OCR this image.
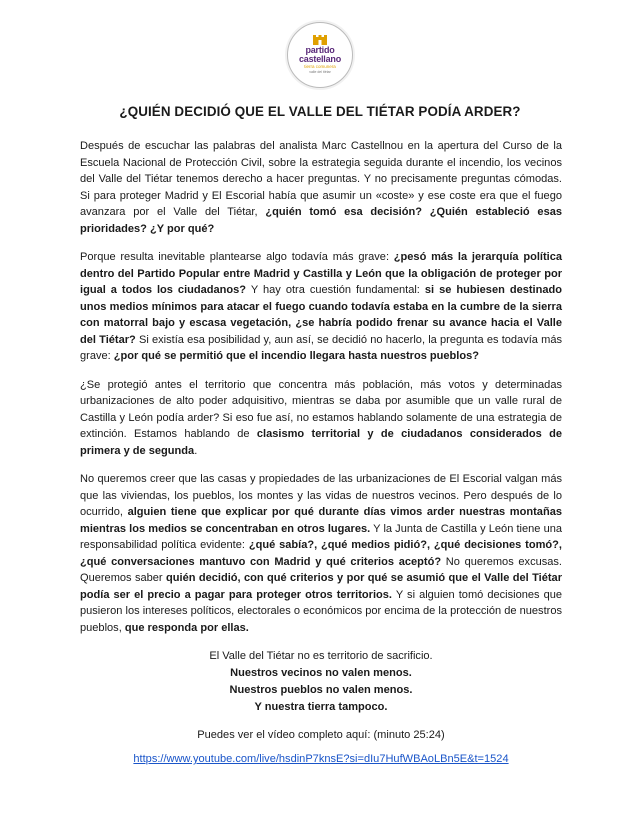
partido
castellano
tierra comunera
valle del tiétar
¿QUIÉN DECIDIÓ QUE EL VALLE DEL TIÉTAR PODÍA ARDER?

Después de escuchar las palabras del analista Marc Castellnou en la apertura del Curso de la Escuela Nacional de Protección Civil, sobre la estrategia seguida durante el incendio, los vecinos del Valle del Tiétar tenemos derecho a hacer preguntas. Y no precisamente preguntas cómodas. Si para proteger Madrid y El Escorial había que asumir un «coste» y ese coste era que el fuego avanzara por el Valle del Tiétar, ¿quién tomó esa decisión? ¿Quién estableció esas prioridades? ¿Y por qué?

Porque resulta inevitable plantearse algo todavía más grave: ¿pesó más la jerarquía política dentro del Partido Popular entre Madrid y Castilla y León que la obligación de proteger por igual a todos los ciudadanos? Y hay otra cuestión fundamental: si se hubiesen destinado unos medios mínimos para atacar el fuego cuando todavía estaba en la cumbre de la sierra con matorral bajo y escasa vegetación, ¿se habría podido frenar su avance hacia el Valle del Tiétar? Si existía esa posibilidad y, aun así, se decidió no hacerlo, la pregunta es todavía más grave: ¿por qué se permitió que el incendio llegara hasta nuestros pueblos?

¿Se protegió antes el territorio que concentra más población, más votos y determinadas urbanizaciones de alto poder adquisitivo, mientras se daba por asumible que un valle rural de Castilla y León podía arder? Si eso fue así, no estamos hablando solamente de una estrategia de extinción. Estamos hablando de clasismo territorial y de ciudadanos considerados de primera y de segunda.

No queremos creer que las casas y propiedades de las urbanizaciones de El Escorial valgan más que las viviendas, los pueblos, los montes y las vidas de nuestros vecinos. Pero después de lo ocurrido, alguien tiene que explicar por qué durante días vimos arder nuestras montañas mientras los medios se concentraban en otros lugares. Y la Junta de Castilla y León tiene una responsabilidad política evidente: ¿qué sabía?, ¿qué medios pidió?, ¿qué decisiones tomó?, ¿qué conversaciones mantuvo con Madrid y qué criterios aceptó? No queremos excusas. Queremos saber quién decidió, con qué criterios y por qué se asumió que el Valle del Tiétar podía ser el precio a pagar para proteger otros territorios. Y si alguien tomó decisiones que pusieron los intereses políticos, electorales o económicos por encima de la protección de nuestros pueblos, que responda por ellas.

El Valle del Tiétar no es territorio de sacrificio.
Nuestros vecinos no valen menos.
Nuestros pueblos no valen menos.
Y nuestra tierra tampoco.
Puedes ver el vídeo completo aquí: (minuto 25:24)
https://www.youtube.com/live/hsdinP7knsE?si=dIu7HufWBAoLBn5E&t=1524
